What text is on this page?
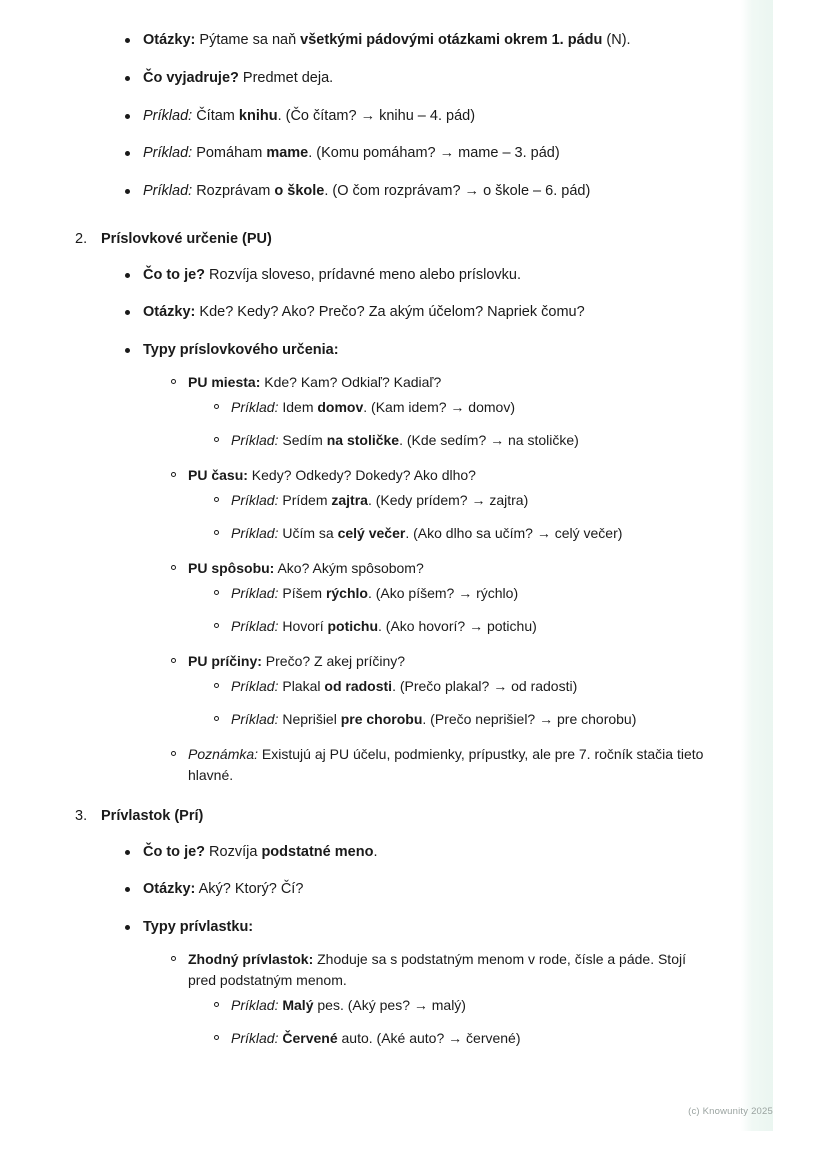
Otázky: Pýtame sa naň všetkými pádovými otázkami okrem 1. pádu (N).
Čo vyjadruje? Predmet deja.
Príklad: Čítam knihu. (Čo čítam? → knihu – 4. pád)
Príklad: Pomáham mame. (Komu pomáham? → mame – 3. pád)
Príklad: Rozprávam o škole. (O čom rozprávam? → o škole – 6. pád)
2. Príslovkové určenie (PU)
Čo to je? Rozvíja sloveso, prídavné meno alebo príslovku.
Otázky: Kde? Kedy? Ako? Prečo? Za akým účelom? Napriek čomu?
Typy príslovkového určenia:
PU miesta: Kde? Kam? Odkiaľ? Kadiaľ?
Príklad: Idem domov. (Kam idem? → domov)
Príklad: Sedím na stoličke. (Kde sedím? → na stoličke)
PU času: Kedy? Odkedy? Dokedy? Ako dlho?
Príklad: Prídem zajtra. (Kedy prídem? → zajtra)
Príklad: Učím sa celý večer. (Ako dlho sa učím? → celý večer)
PU spôsobu: Ako? Akým spôsobom?
Príklad: Píšem rýchlo. (Ako píšem? → rýchlo)
Príklad: Hovorí potichu. (Ako hovorí? → potichu)
PU príčiny: Prečo? Z akej príčiny?
Príklad: Plakal od radosti. (Prečo plakal? → od radosti)
Príklad: Neprišiel pre chorobu. (Prečo neprišiel? → pre chorobu)
Poznámka: Existujú aj PU účelu, podmienky, prípustky, ale pre 7. ročník stačia tieto hlavné.
3. Prívlastok (Prí)
Čo to je? Rozvíja podstatné meno.
Otázky: Aký? Ktorý? Čí?
Typy prívlastku:
Zhodný prívlastok: Zhoduje sa s podstatným menom v rode, čísle a páde. Stojí pred podstatným menom.
Príklad: Malý pes. (Aký pes? → malý)
Príklad: Červené auto. (Aké auto? → červené)
(c) Knowunity 2025
